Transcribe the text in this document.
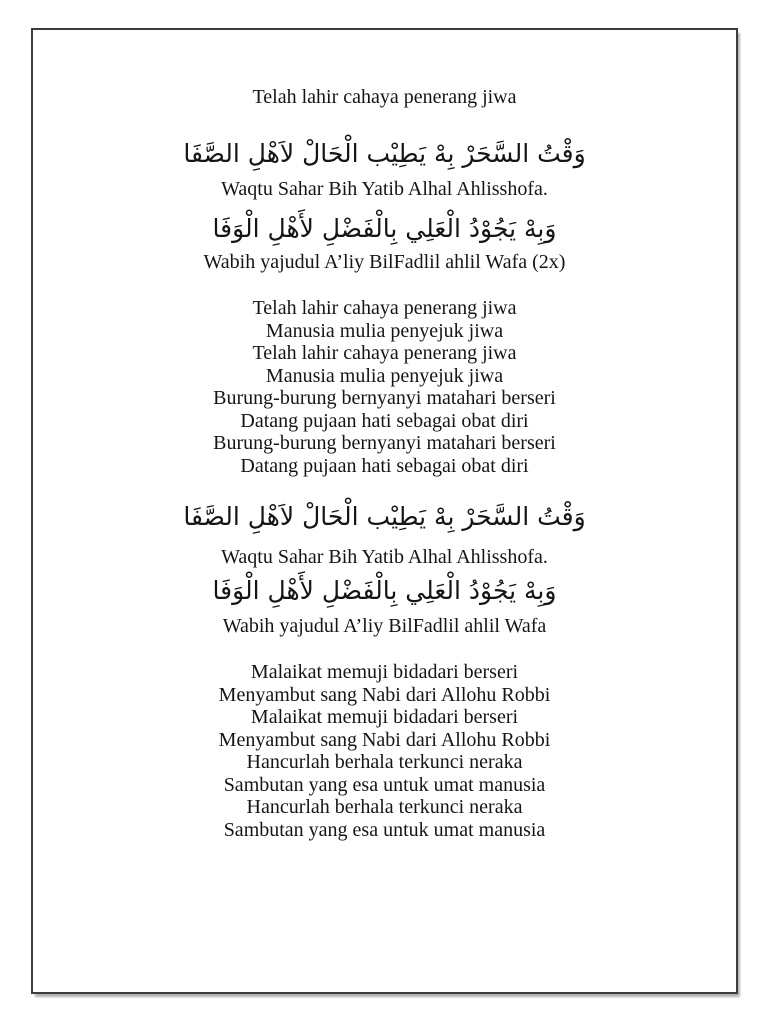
Telah lahir cahaya penerang jiwa

وَقْتُ السَّحَرْ بِهْ يَطِيْب الْحَالْ لاَهْلِ الصَّفَا

Waqtu Sahar Bih Yatib Alhal Ahlisshofa.

وَبِهْ يَجُوْدُ الْعَلِي بِالْفَضْلِ لأَهْلِ الْوَفَا

Wabih yajudul A’liy BilFadlil ahlil Wafa (2x)

Telah lahir cahaya penerang jiwa

Manusia mulia penyejuk jiwa

Telah lahir cahaya penerang jiwa

Manusia mulia penyejuk jiwa

Burung-burung bernyanyi matahari berseri

Datang pujaan hati sebagai obat diri

Burung-burung bernyanyi matahari berseri

Datang pujaan hati sebagai obat diri

وَقْتُ السَّحَرْ بِهْ يَطِيْب الْحَالْ لاَهْلِ الصَّفَا

Waqtu Sahar Bih Yatib Alhal Ahlisshofa.

وَبِهْ يَجُوْدُ الْعَلِي بِالْفَضْلِ لأَهْلِ الْوَفَا

Wabih yajudul A’liy BilFadlil ahlil Wafa

Malaikat memuji bidadari berseri

Menyambut sang Nabi dari Allohu Robbi

Malaikat memuji bidadari berseri

Menyambut sang Nabi dari Allohu Robbi

Hancurlah berhala terkunci neraka

Sambutan yang esa untuk umat manusia

Hancurlah berhala terkunci neraka

Sambutan yang esa untuk umat manusia
